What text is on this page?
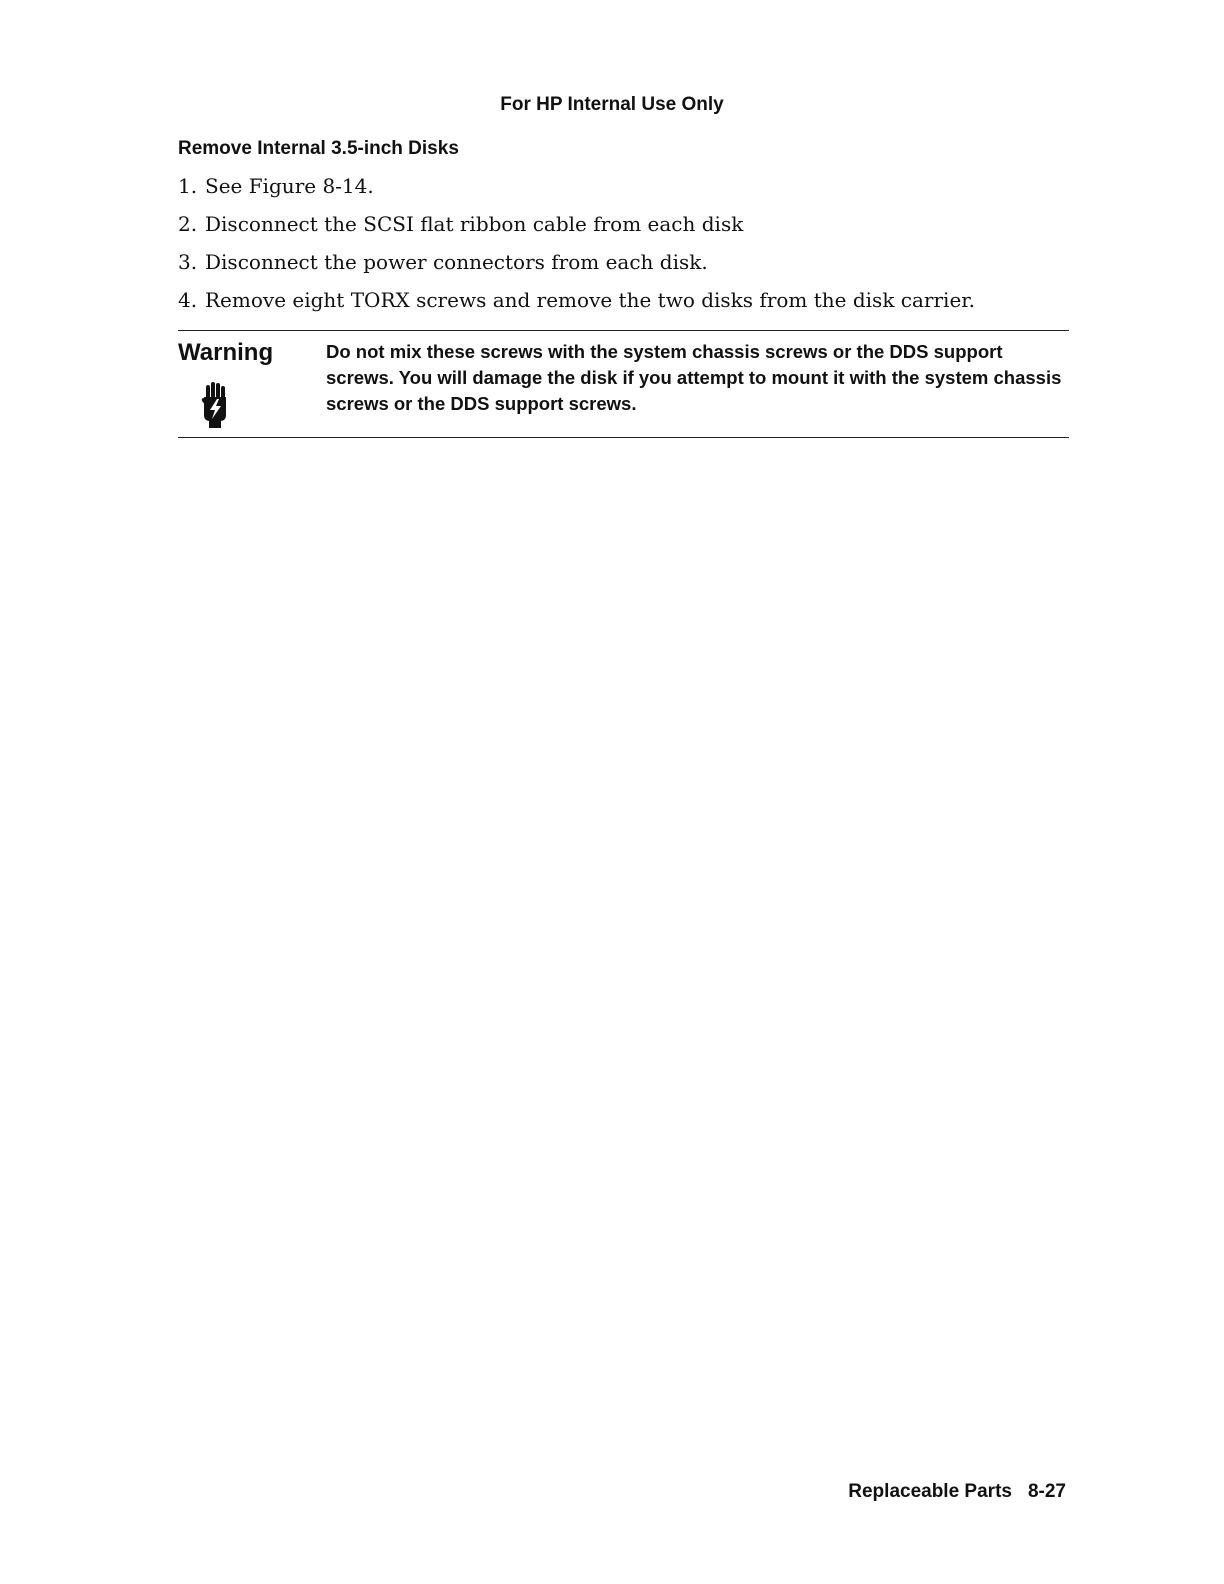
For HP Internal Use Only
Remove Internal 3.5-inch Disks
1. See Figure 8-14.
2. Disconnect the SCSI flat ribbon cable from each disk
3. Disconnect the power connectors from each disk.
4. Remove eight TORX screws and remove the two disks from the disk carrier.
Warning	Do not mix these screws with the system chassis screws or the DDS support screws. You will damage the disk if you attempt to mount it with the system chassis screws or the DDS support screws.
Replaceable Parts 8-27
